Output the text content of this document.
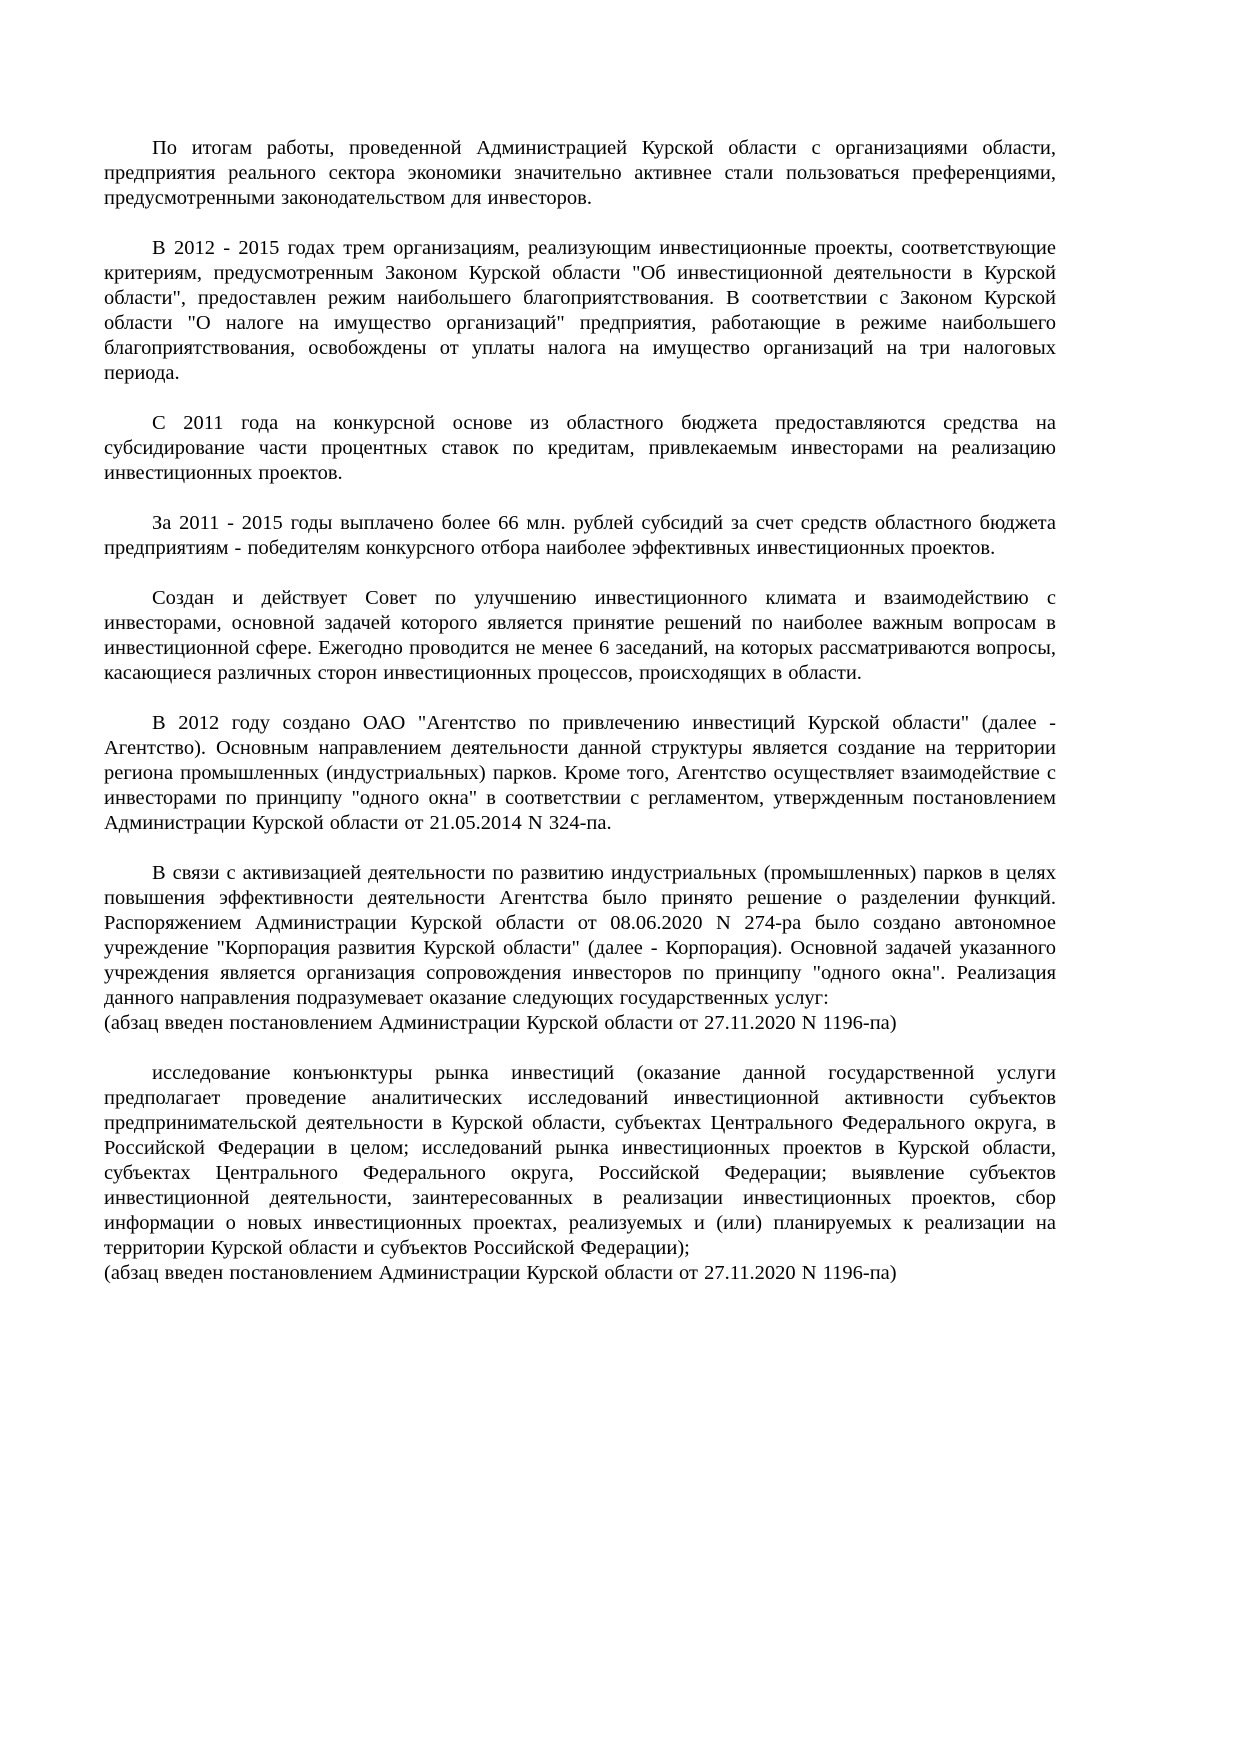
По итогам работы, проведенной Администрацией Курской области с организациями области, предприятия реального сектора экономики значительно активнее стали пользоваться преференциями, предусмотренными законодательством для инвесторов.

В 2012 - 2015 годах трем организациям, реализующим инвестиционные проекты, соответствующие критериям, предусмотренным Законом Курской области "Об инвестиционной деятельности в Курской области", предоставлен режим наибольшего благоприятствования. В соответствии с Законом Курской области "О налоге на имущество организаций" предприятия, работающие в режиме наибольшего благоприятствования, освобождены от уплаты налога на имущество организаций на три налоговых периода.

С 2011 года на конкурсной основе из областного бюджета предоставляются средства на субсидирование части процентных ставок по кредитам, привлекаемым инвесторами на реализацию инвестиционных проектов.

За 2011 - 2015 годы выплачено более 66 млн. рублей субсидий за счет средств областного бюджета предприятиям - победителям конкурсного отбора наиболее эффективных инвестиционных проектов.

Создан и действует Совет по улучшению инвестиционного климата и взаимодействию с инвесторами, основной задачей которого является принятие решений по наиболее важным вопросам в инвестиционной сфере. Ежегодно проводится не менее 6 заседаний, на которых рассматриваются вопросы, касающиеся различных сторон инвестиционных процессов, происходящих в области.

В 2012 году создано ОАО "Агентство по привлечению инвестиций Курской области" (далее - Агентство). Основным направлением деятельности данной структуры является создание на территории региона промышленных (индустриальных) парков. Кроме того, Агентство осуществляет взаимодействие с инвесторами по принципу "одного окна" в соответствии с регламентом, утвержденным постановлением Администрации Курской области от 21.05.2014 N 324-па.

В связи с активизацией деятельности по развитию индустриальных (промышленных) парков в целях повышения эффективности деятельности Агентства было принято решение о разделении функций. Распоряжением Администрации Курской области от 08.06.2020 N 274-ра было создано автономное учреждение "Корпорация развития Курской области" (далее - Корпорация). Основной задачей указанного учреждения является организация сопровождения инвесторов по принципу "одного окна". Реализация данного направления подразумевает оказание следующих государственных услуг:

(абзац введен постановлением Администрации Курской области от 27.11.2020 N 1196-па)

исследование конъюнктуры рынка инвестиций (оказание данной государственной услуги предполагает проведение аналитических исследований инвестиционной активности субъектов предпринимательской деятельности в Курской области, субъектах Центрального Федерального округа, в Российской Федерации в целом; исследований рынка инвестиционных проектов в Курской области, субъектах Центрального Федерального округа, Российской Федерации; выявление субъектов инвестиционной деятельности, заинтересованных в реализации инвестиционных проектов, сбор информации о новых инвестиционных проектах, реализуемых и (или) планируемых к реализации на территории Курской области и субъектов Российской Федерации);

(абзац введен постановлением Администрации Курской области от 27.11.2020 N 1196-па)
